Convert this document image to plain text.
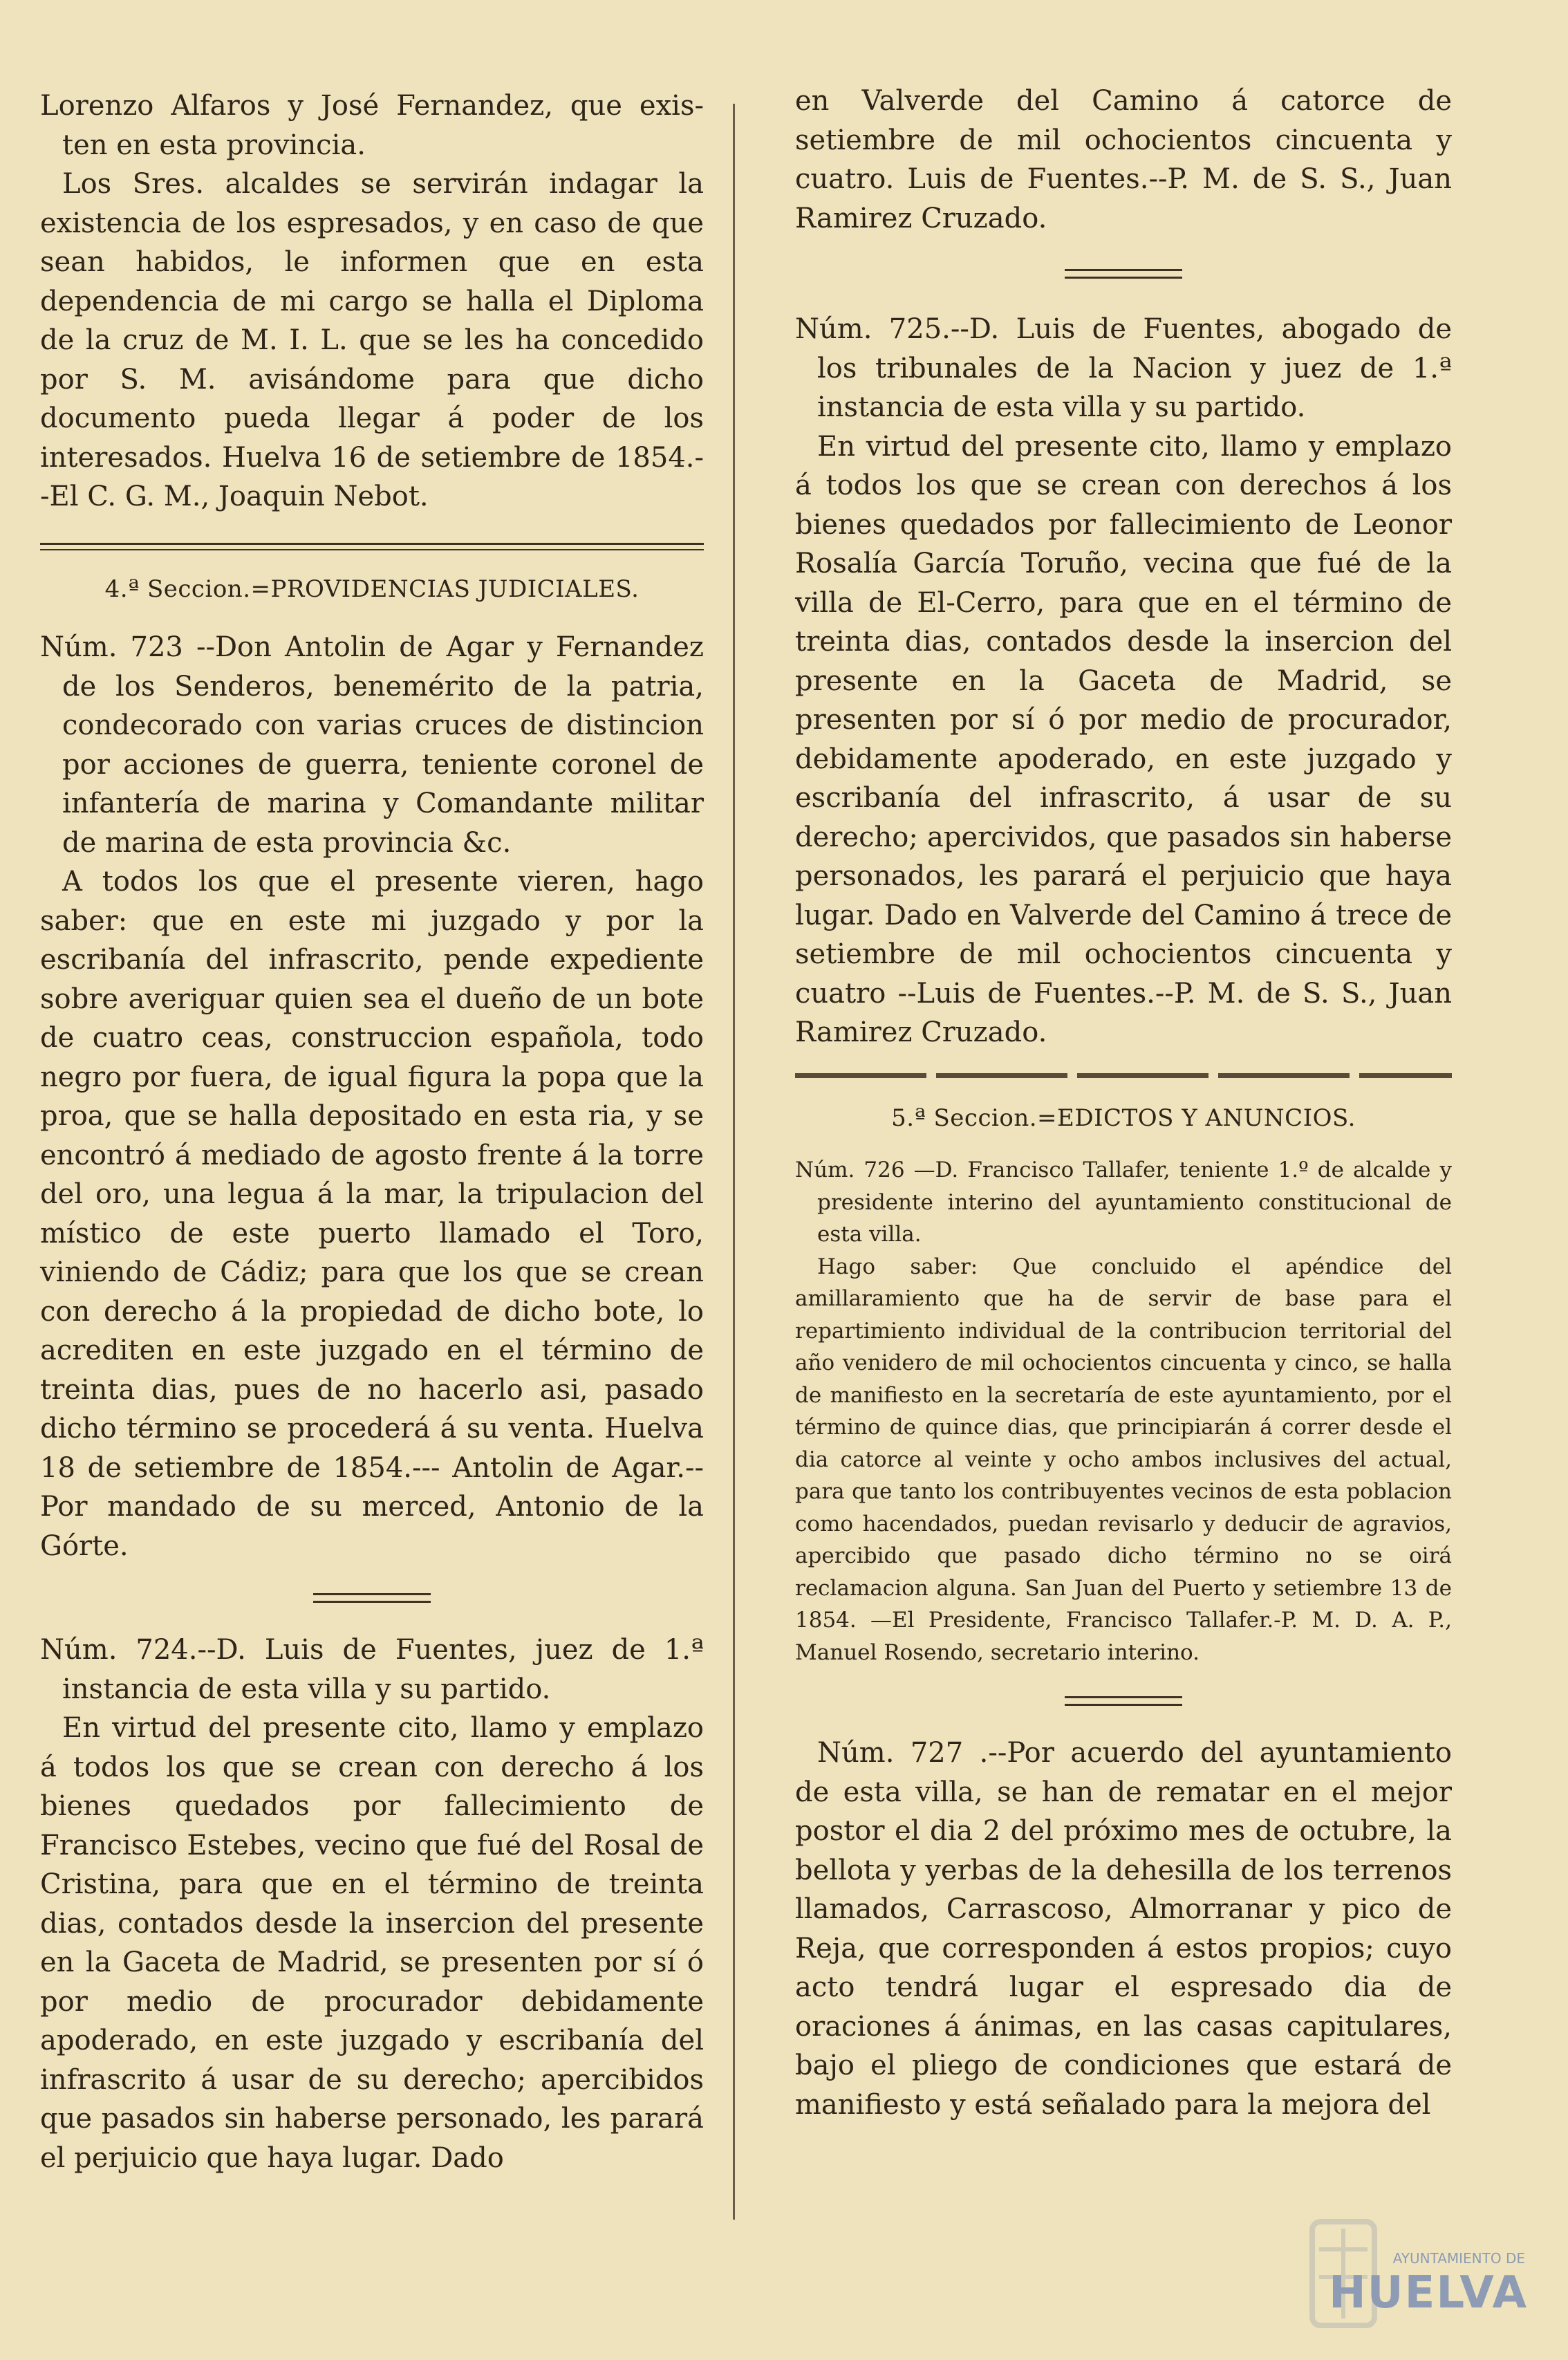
Lorenzo Alfaros y José Fernandez, que exis- ten en esta provincia.

Los Sres. alcaldes se servirán indagar la existencia de los espresados, y en caso de que sean habidos, le informen que en esta dependencia de mi cargo se halla el Diploma de la cruz de M. I. L. que se les ha concedido por S. M. avisándome para que dicho documento pueda llegar á poder de los interesados. Huelva 16 de setiembre de 1854.--El C. G. M., Joaquin Nebot.

4.ª Seccion.=PROVIDENCIAS JUDICIALES.

Núm. 723 --Don Antolin de Agar y Fernandez de los Senderos, benemérito de la patria, condecorado con varias cruces de distincion por acciones de guerra, teniente coronel de infantería de marina y Comandante militar de marina de esta provincia &c.

A todos los que el presente vieren, hago saber: que en este mi juzgado y por la escribanía del infrascrito, pende expediente sobre averiguar quien sea el dueño de un bote de cuatro ceas, construccion española, todo negro por fuera, de igual figura la popa que la proa, que se halla depositado en esta ria, y se encontró á mediado de agosto frente á la torre del oro, una legua á la mar, la tripulacion del místico de este puerto llamado el Toro, viniendo de Cádiz; para que los que se crean con derecho á la propiedad de dicho bote, lo acrediten en este juzgado en el término de treinta dias, pues de no hacerlo asi, pasado dicho término se procederá á su venta. Huelva 18 de setiembre de 1854.--- Antolin de Agar.--Por mandado de su merced, Antonio de la Górte.

Núm. 724.--D. Luis de Fuentes, juez de 1.ª instancia de esta villa y su partido.

En virtud del presente cito, llamo y emplazo á todos los que se crean con derecho á los bienes quedados por fallecimiento de Francisco Estebes, vecino que fué del Rosal de Cristina, para que en el término de treinta dias, contados desde la insercion del presente en la Gaceta de Madrid, se presenten por sí ó por medio de procurador debidamente apoderado, en este juzgado y escribanía del infrascrito á usar de su derecho; apercibidos que pasados sin haberse personado, les parará el perjuicio que haya lugar. Dado

en Valverde del Camino á catorce de setiembre de mil ochocientos cincuenta y cuatro. Luis de Fuentes.--P. M. de S. S., Juan Ramirez Cruzado.

Núm. 725.--D. Luis de Fuentes, abogado de los tribunales de la Nacion y juez de 1.ª instancia de esta villa y su partido.

En virtud del presente cito, llamo y emplazo á todos los que se crean con derechos á los bienes quedados por fallecimiento de Leonor Rosalía García Toruño, vecina que fué de la villa de El-Cerro, para que en el término de treinta dias, contados desde la insercion del presente en la Gaceta de Madrid, se presenten por sí ó por medio de procurador, debidamente apoderado, en este juzgado y escribanía del infrascrito, á usar de su derecho; apercividos, que pasados sin haberse personados, les parará el perjuicio que haya lugar. Dado en Valverde del Camino á trece de setiembre de mil ochocientos cincuenta y cuatro --Luis de Fuentes.--P. M. de S. S., Juan Ramirez Cruzado.

5.ª Seccion.=EDICTOS Y ANUNCIOS.

Núm. 726 —D. Francisco Tallafer, teniente 1.º de alcalde y presidente interino del ayuntamiento constitucional de esta villa.

Hago saber: Que concluido el apéndice del amillaramiento que ha de servir de base para el repartimiento individual de la contribucion territorial del año venidero de mil ochocientos cincuenta y cinco, se halla de manifiesto en la secretaría de este ayuntamiento, por el término de quince dias, que principiarán á correr desde el dia catorce al veinte y ocho ambos inclusives del actual, para que tanto los contribuyentes vecinos de esta poblacion como hacendados, puedan revisarlo y deducir de agravios, apercibido que pasado dicho término no se oirá reclamacion alguna. San Juan del Puerto y setiembre 13 de 1854. —El Presidente, Francisco Tallafer.-P. M. D. A. P., Manuel Rosendo, secretario interino.

Núm. 727 .--Por acuerdo del ayuntamiento de esta villa, se han de rematar en el mejor postor el dia 2 del próximo mes de octubre, la bellota y yerbas de la dehesilla de los terrenos llamados, Carrascoso, Almorranar y pico de Reja, que corresponden á estos propios; cuyo acto tendrá lugar el espresado dia de oraciones á ánimas, en las casas capitulares, bajo el pliego de condiciones que estará de manifiesto y está señalado para la mejora del

AYUNTAMIENTO DE
HUELVA
